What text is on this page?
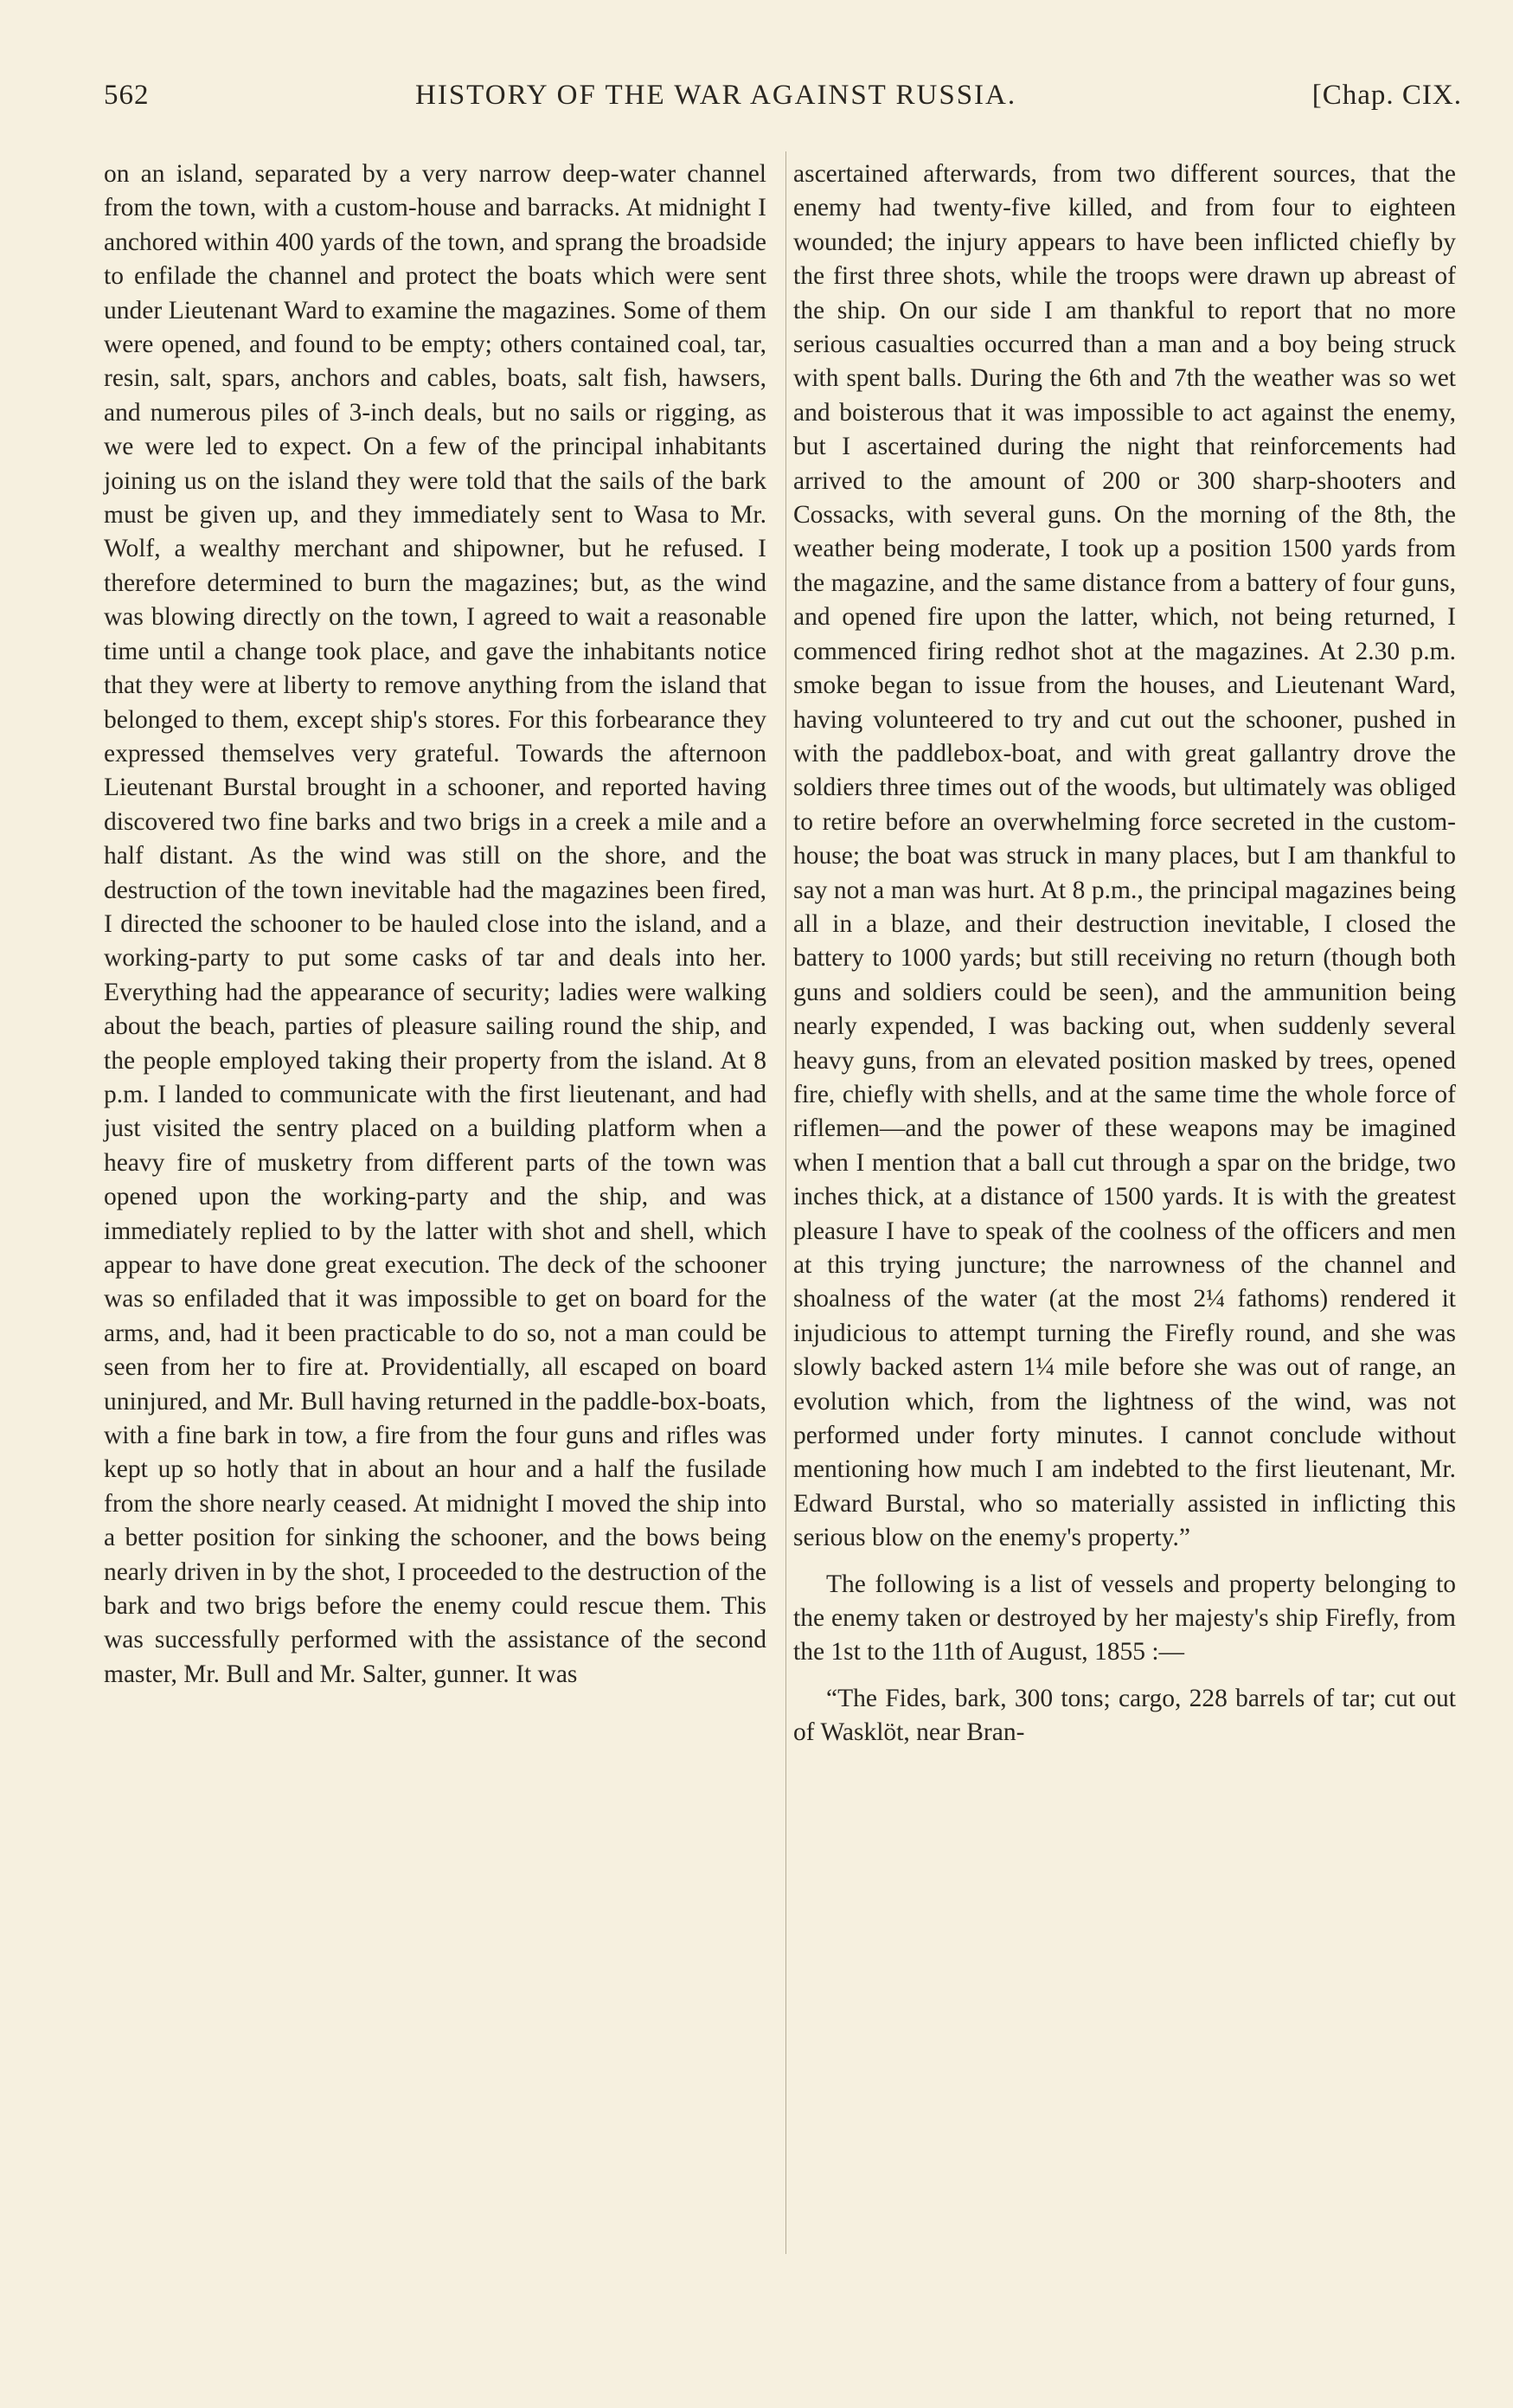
562	HISTORY OF THE WAR AGAINST RUSSIA.	[Chap. CIX.

on an island, separated by a very narrow deep-water channel from the town, with a custom-house and barracks. At midnight I anchored within 400 yards of the town, and sprang the broadside to enfilade the channel and protect the boats which were sent under Lieutenant Ward to examine the magazines. Some of them were opened, and found to be empty; others contained coal, tar, resin, salt, spars, anchors and cables, boats, salt fish, hawsers, and numerous piles of 3-inch deals, but no sails or rigging, as we were led to expect. On a few of the principal inhabitants joining us on the island they were told that the sails of the bark must be given up, and they immediately sent to Wasa to Mr. Wolf, a wealthy merchant and shipowner, but he refused. I therefore determined to burn the magazines; but, as the wind was blowing directly on the town, I agreed to wait a reasonable time until a change took place, and gave the inhabitants notice that they were at liberty to remove anything from the island that belonged to them, except ship's stores. For this forbearance they expressed themselves very grateful. Towards the afternoon Lieutenant Burstal brought in a schooner, and reported having discovered two fine barks and two brigs in a creek a mile and a half distant. As the wind was still on the shore, and the destruction of the town inevitable had the magazines been fired, I directed the schooner to be hauled close into the island, and a working-party to put some casks of tar and deals into her. Everything had the appearance of security; ladies were walking about the beach, parties of pleasure sailing round the ship, and the people employed taking their property from the island. At 8 p.m. I landed to communicate with the first lieutenant, and had just visited the sentry placed on a building platform when a heavy fire of musketry from different parts of the town was opened upon the working-party and the ship, and was immediately replied to by the latter with shot and shell, which appear to have done great execution. The deck of the schooner was so enfiladed that it was impossible to get on board for the arms, and, had it been practicable to do so, not a man could be seen from her to fire at. Providentially, all escaped on board uninjured, and Mr. Bull having returned in the paddle-box-boats, with a fine bark in tow, a fire from the four guns and rifles was kept up so hotly that in about an hour and a half the fusilade from the shore nearly ceased. At midnight I moved the ship into a better position for sinking the schooner, and the bows being nearly driven in by the shot, I proceeded to the destruction of the bark and two brigs before the enemy could rescue them. This was successfully performed with the assistance of the second master, Mr. Bull and Mr. Salter, gunner. It was

ascertained afterwards, from two different sources, that the enemy had twenty-five killed, and from four to eighteen wounded; the injury appears to have been inflicted chiefly by the first three shots, while the troops were drawn up abreast of the ship. On our side I am thankful to report that no more serious casualties occurred than a man and a boy being struck with spent balls. During the 6th and 7th the weather was so wet and boisterous that it was impossible to act against the enemy, but I ascertained during the night that reinforcements had arrived to the amount of 200 or 300 sharp-shooters and Cossacks, with several guns. On the morning of the 8th, the weather being moderate, I took up a position 1500 yards from the magazine, and the same distance from a battery of four guns, and opened fire upon the latter, which, not being returned, I commenced firing redhot shot at the magazines. At 2.30 p.m. smoke began to issue from the houses, and Lieutenant Ward, having volunteered to try and cut out the schooner, pushed in with the paddlebox-boat, and with great gallantry drove the soldiers three times out of the woods, but ultimately was obliged to retire before an overwhelming force secreted in the custom-house; the boat was struck in many places, but I am thankful to say not a man was hurt. At 8 p.m., the principal magazines being all in a blaze, and their destruction inevitable, I closed the battery to 1000 yards; but still receiving no return (though both guns and soldiers could be seen), and the ammunition being nearly expended, I was backing out, when suddenly several heavy guns, from an elevated position masked by trees, opened fire, chiefly with shells, and at the same time the whole force of riflemen—and the power of these weapons may be imagined when I mention that a ball cut through a spar on the bridge, two inches thick, at a distance of 1500 yards. It is with the greatest pleasure I have to speak of the coolness of the officers and men at this trying juncture; the narrowness of the channel and shoalness of the water (at the most 2¼ fathoms) rendered it injudicious to attempt turning the Firefly round, and she was slowly backed astern 1¼ mile before she was out of range, an evolution which, from the lightness of the wind, was not performed under forty minutes. I cannot conclude without mentioning how much I am indebted to the first lieutenant, Mr. Edward Burstal, who so materially assisted in inflicting this serious blow on the enemy's property.”

The following is a list of vessels and property belonging to the enemy taken or destroyed by her majesty's ship Firefly, from the 1st to the 11th of August, 1855 :—

“The Fides, bark, 300 tons; cargo, 228 barrels of tar; cut out of Wasklöt, near Bran-
